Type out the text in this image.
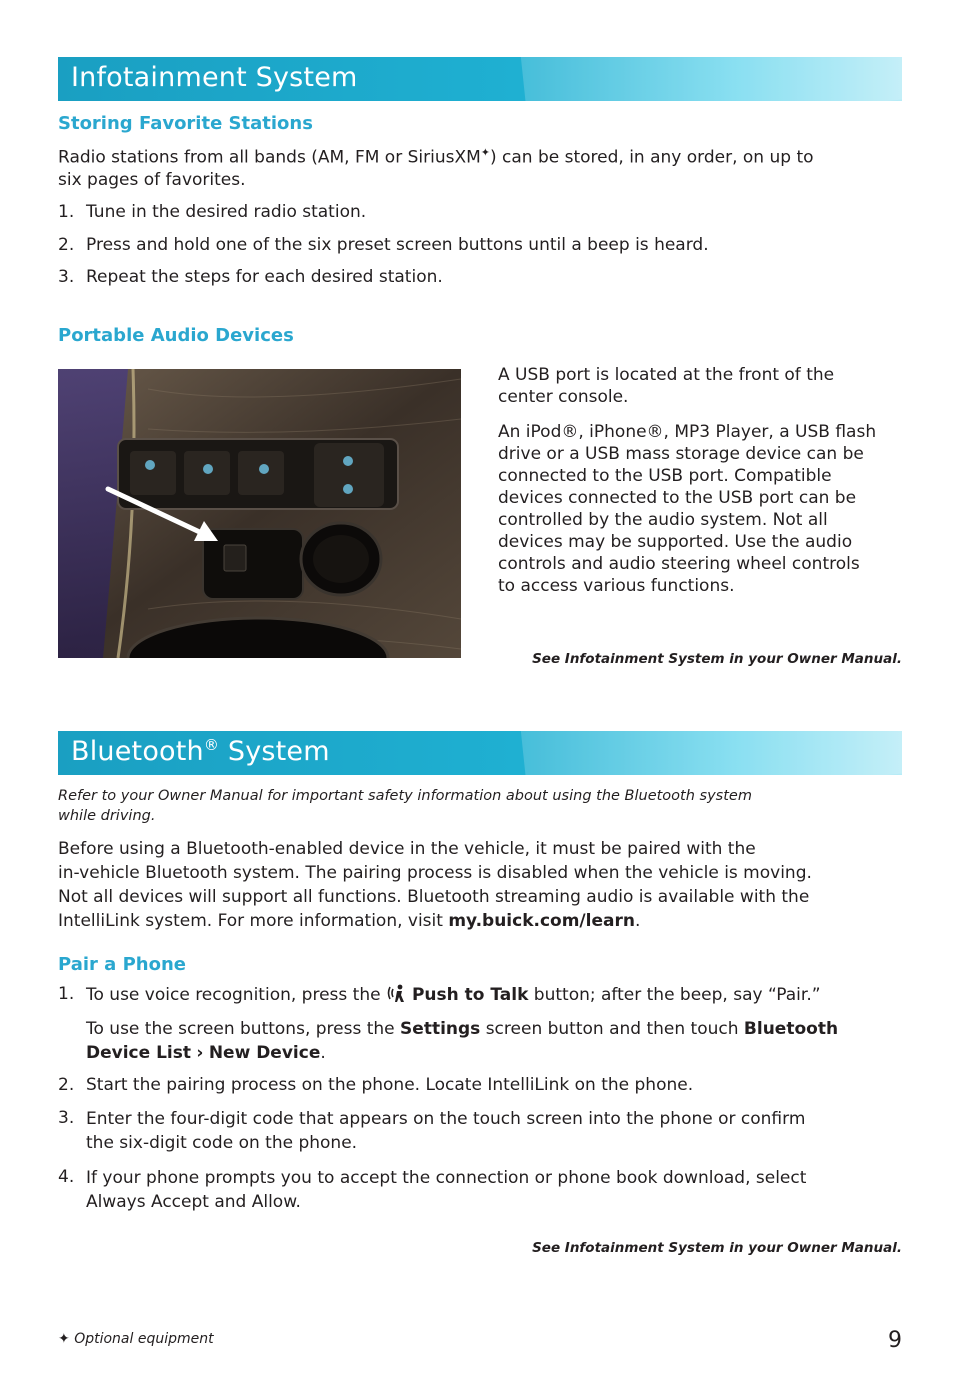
Infotainment System
Storing Favorite Stations
Radio stations from all bands (AM, FM or SiriusXM✦) can be stored, in any order, on up to
six pages of favorites.
1. Tune in the desired radio station.
2. Press and hold one of the six preset screen buttons until a beep is heard.
3. Repeat the steps for each desired station.
Portable Audio Devices
A USB port is located at the front of the
center console.
An iPod®, iPhone®, MP3 Player, a USB flash
drive or a USB mass storage device can be
connected to the USB port. Compatible
devices connected to the USB port can be
controlled by the audio system. Not all
devices may be supported. Use the audio
controls and audio steering wheel controls
to access various functions.
See Infotainment System in your Owner Manual.
Bluetooth® System
Refer to your Owner Manual for important safety information about using the Bluetooth system
while driving.
Before using a Bluetooth-enabled device in the vehicle, it must be paired with the
in-vehicle Bluetooth system. The pairing process is disabled when the vehicle is moving.
Not all devices will support all functions. Bluetooth streaming audio is available with the
IntelliLink system. For more information, visit my.buick.com/learn.
Pair a Phone
1. To use voice recognition, press the Push to Talk button; after the beep, say “Pair.”
To use the screen buttons, press the Settings screen button and then touch Bluetooth
Device List › New Device.
2. Start the pairing process on the phone. Locate IntelliLink on the phone.
3. Enter the four-digit code that appears on the touch screen into the phone or confirm
the six-digit code on the phone.
4. If your phone prompts you to accept the connection or phone book download, select
Always Accept and Allow.
See Infotainment System in your Owner Manual.
✦ Optional equipment	9
